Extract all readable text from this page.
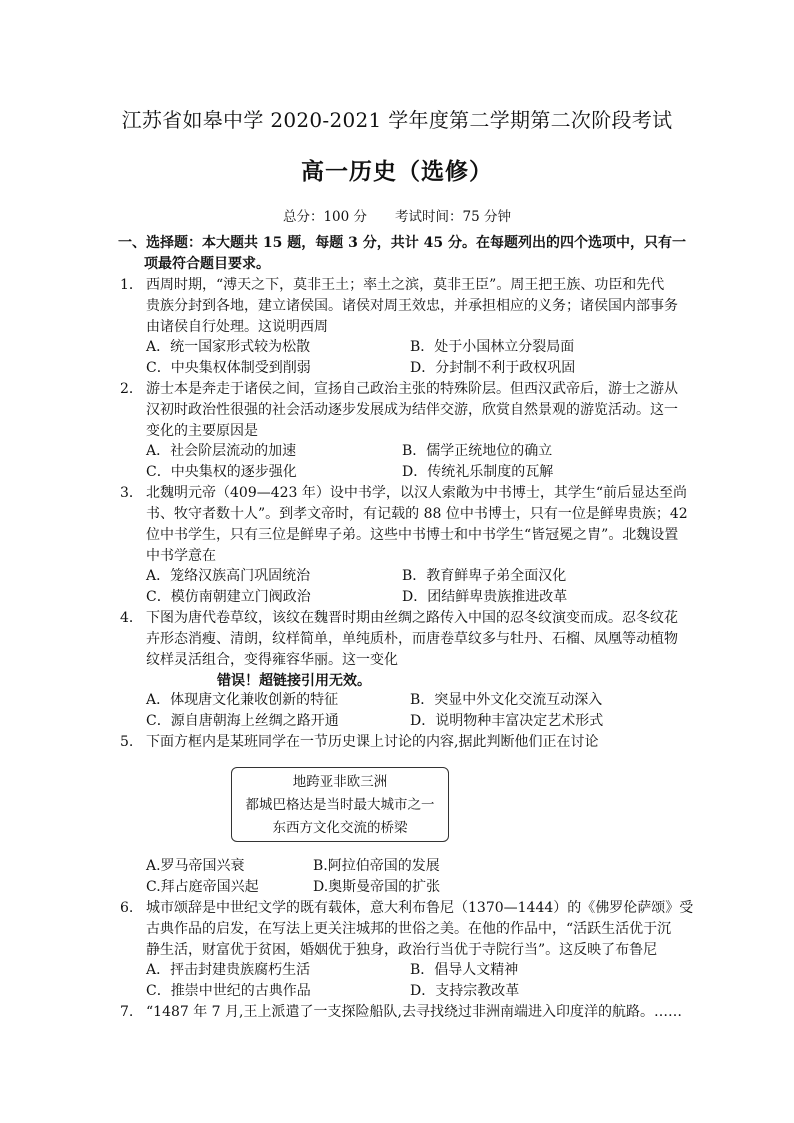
江苏省如皋中学 2020-2021 学年度第二学期第二次阶段考试
高一历史（选修）
总分：100 分 考试时间：75 分钟
一、选择题：本大题共 15 题，每题 3 分，共计 45 分。在每题列出的四个选项中，只有一
项最符合题目要求。
1． 西周时期，“溥天之下，莫非王土；率土之滨，莫非王臣”。周王把王族、功臣和先代
贵族分封到各地，建立诸侯国。诸侯对周王效忠，并承担相应的义务；诸侯国内部事务
由诸侯自行处理。这说明西周
A．统一国家形式较为松散	B．处于小国林立分裂局面
C．中央集权体制受到削弱	D．分封制不利于政权巩固
2． 游士本是奔走于诸侯之间，宣扬自己政治主张的特殊阶层。但西汉武帝后，游士之游从
汉初时政治性很强的社会活动逐步发展成为结伴交游，欣赏自然景观的游览活动。这一
变化的主要原因是
A．社会阶层流动的加速	B．儒学正统地位的确立
C．中央集权的逐步强化	D．传统礼乐制度的瓦解
3． 北魏明元帝（409—423 年）设中书学，以汉人索敞为中书博士，其学生“前后显达至尚
书、牧守者数十人”。到孝文帝时，有记载的 88 位中书博士，只有一位是鲜卑贵族；42
位中书学生，只有三位是鲜卑子弟。这些中书博士和中书学生“皆冠冕之胄”。北魏设置
中书学意在
A．笼络汉族高门巩固统治	B．教育鲜卑子弟全面汉化
C．模仿南朝建立门阀政治	D．团结鲜卑贵族推进改革
4． 下图为唐代卷草纹，该纹在魏晋时期由丝绸之路传入中国的忍冬纹演变而成。忍冬纹花
卉形态消瘦、清朗，纹样简单，单纯质朴，而唐卷草纹多与牡丹、石榴、凤凰等动植物
纹样灵活组合，变得雍容华丽。这一变化
错误！超链接引用无效。
A．体现唐文化兼收创新的特征	B．突显中外文化交流互动深入
C．源自唐朝海上丝绸之路开通	D．说明物种丰富决定艺术形式
5. 下面方框内是某班同学在一节历史课上讨论的内容,据此判断他们正在讨论
地跨亚非欧三洲
都城巴格达是当时最大城市之一
东西方文化交流的桥梁
A.罗马帝国兴衰	B.阿拉伯帝国的发展
C.拜占庭帝国兴起	D.奥斯曼帝国的扩张
6. 城市颂辞是中世纪文学的既有载体，意大利布鲁尼（1370—1444）的《佛罗伦萨颂》受
古典作品的启发，在写法上更关注城邦的世俗之美。在他的作品中，“活跃生活优于沉
静生活，财富优于贫困，婚姻优于独身，政治行当优于寺院行当”。这反映了布鲁尼
A．抨击封建贵族腐朽生活	B．倡导人文精神
C．推崇中世纪的古典作品	D．支持宗教改革
7. “1487 年 7 月,王上派遣了一支探险船队,去寻找绕过非洲南端进入印度洋的航路。……
